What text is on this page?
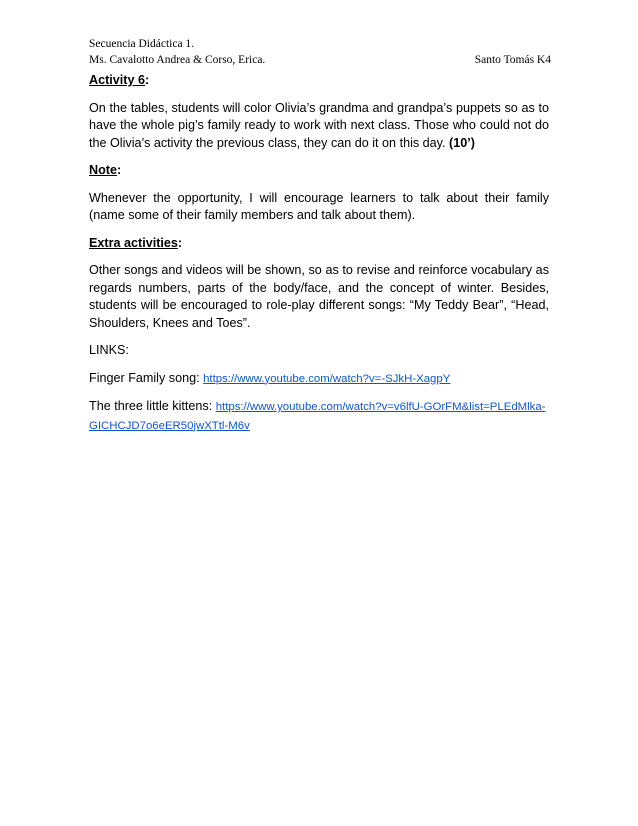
Secuencia Didáctica 1.
Ms. Cavalotto Andrea & Corso, Erica.	Santo Tomás K4
Activity 6:

On the tables, students will color Olivia’s grandma and grandpa’s puppets so as to have the whole pig’s family ready to work with next class. Those who could not do the Olivia’s activity the previous class, they can do it on this day. (10’)

Note:

Whenever the opportunity, I will encourage learners to talk about their family (name some of their family members and talk about them).

Extra activities:

Other songs and videos will be shown, so as to revise and reinforce vocabulary as regards numbers, parts of the body/face, and the concept of winter. Besides, students will be encouraged to role-play different songs: “My Teddy Bear”, “Head, Shoulders, Knees and Toes”.

LINKS:

Finger Family song: https://www.youtube.com/watch?v=-SJkH-XagpY

The three little kittens: https://www.youtube.com/watch?v=v6lfU-GOrFM&list=PLEdMlka-GICHCJD7o6eER50jwXTtl-M6v
